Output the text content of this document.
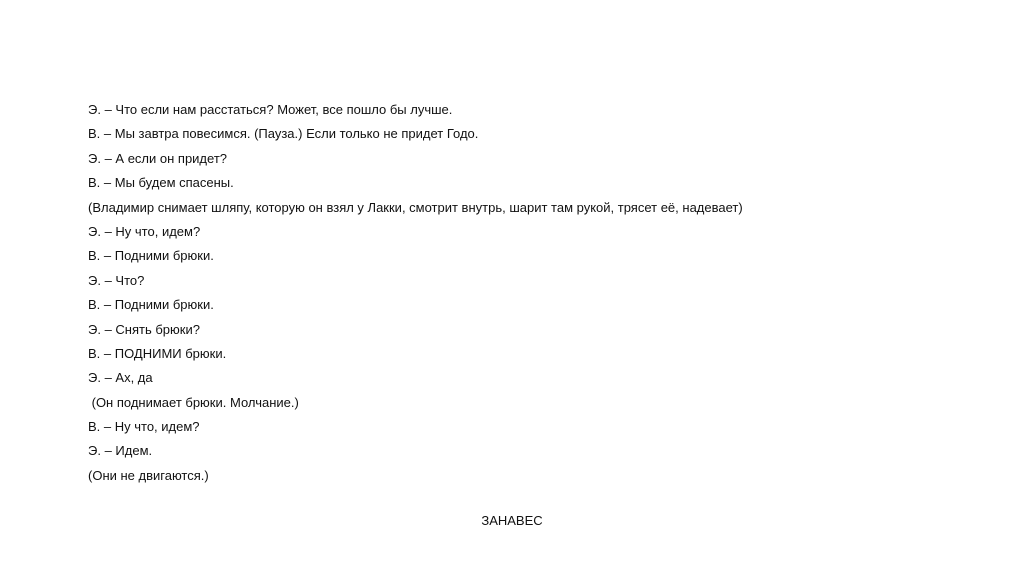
Э. – Что если нам расстаться? Может, все пошло бы лучше.
В. – Мы завтра повесимся. (Пауза.) Если только не придет Годо.
Э. – А если он придет?
В. – Мы будем спасены.
(Владимир снимает шляпу, которую он взял у Лакки, смотрит внутрь, шарит там рукой, трясет её, надевает)
Э. – Ну что, идем?
В. – Подними брюки.
Э. – Что?
В. – Подними брюки.
Э. – Снять брюки?
В. – ПОДНИМИ брюки.
Э. – Ах, да
(Он поднимает брюки. Молчание.)
В. – Ну что, идем?
Э. – Идем.
(Они не двигаются.)
ЗАНАВЕС
